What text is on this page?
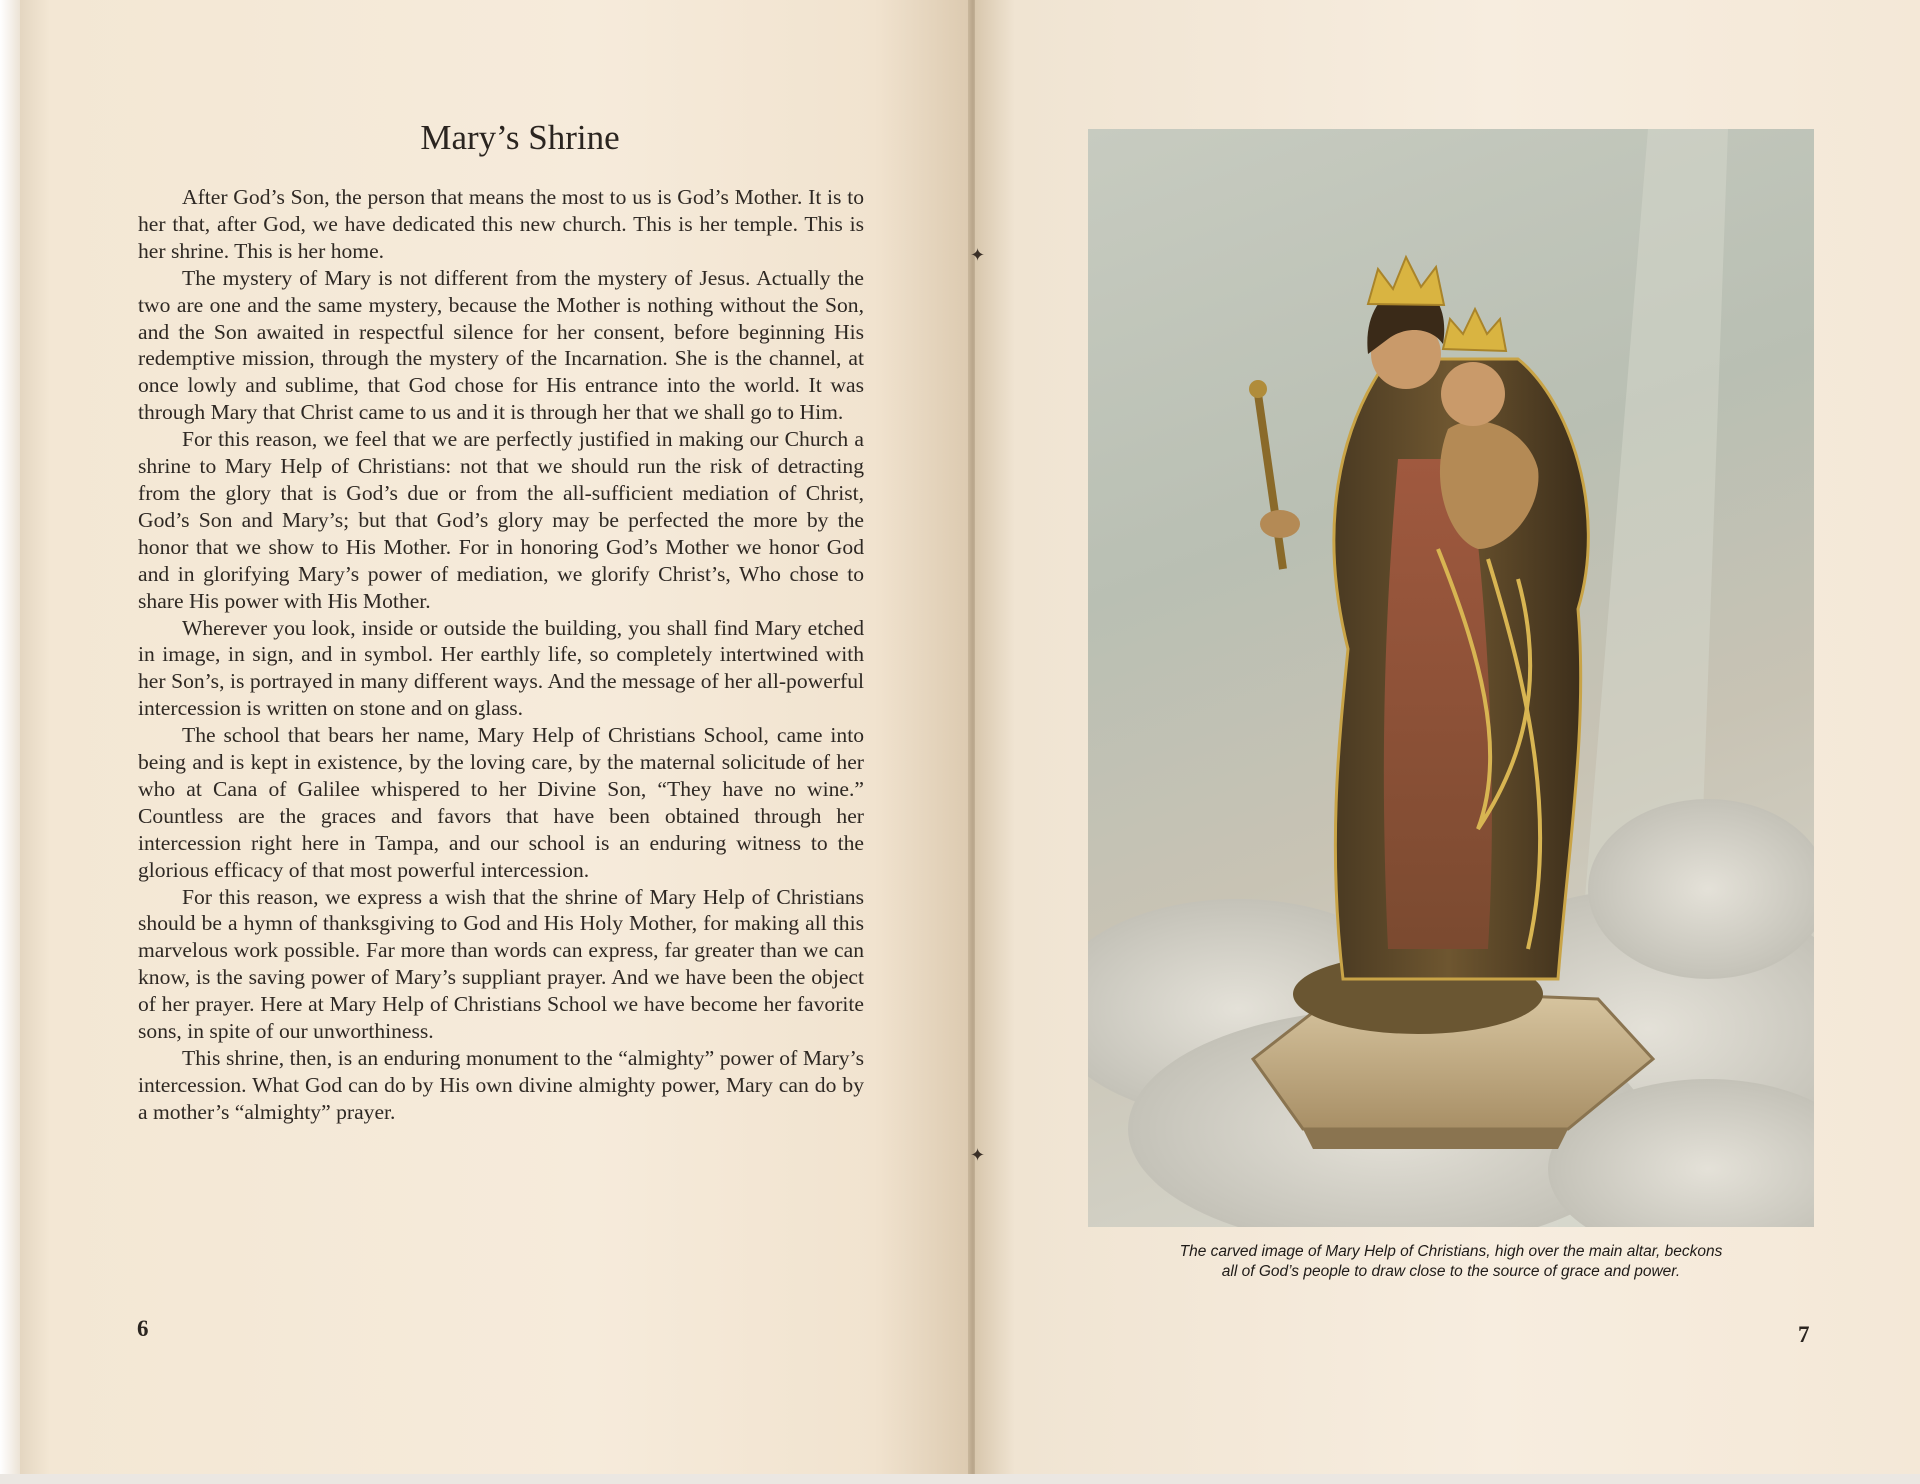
Mary’s Shrine

After God’s Son, the person that means the most to us is God’s Mother. It is to her that, after God, we have dedicated this new church. This is her temple. This is her shrine. This is her home.

The mystery of Mary is not different from the mystery of Jesus. Actually the two are one and the same mystery, because the Mother is nothing without the Son, and the Son awaited in respectful silence for her consent, before beginning His redemptive mission, through the mystery of the Incarnation. She is the channel, at once lowly and sublime, that God chose for His entrance into the world. It was through Mary that Christ came to us and it is through her that we shall go to Him.

For this reason, we feel that we are perfectly justified in making our Church a shrine to Mary Help of Christians: not that we should run the risk of detracting from the glory that is God’s due or from the all-sufficient mediation of Christ, God’s Son and Mary’s; but that God’s glory may be perfected the more by the honor that we show to His Mother. For in honoring God’s Mother we honor God and in glorifying Mary’s power of mediation, we glorify Christ’s, Who chose to share His power with His Mother.

Wherever you look, inside or outside the building, you shall find Mary etched in image, in sign, and in symbol. Her earthly life, so completely intertwined with her Son’s, is portrayed in many different ways. And the message of her all-powerful intercession is written on stone and on glass.

The school that bears her name, Mary Help of Christians School, came into being and is kept in existence, by the loving care, by the maternal solicitude of her who at Cana of Galilee whispered to her Divine Son, “They have no wine.” Countless are the graces and favors that have been obtained through her intercession right here in Tampa, and our school is an enduring witness to the glorious efficacy of that most powerful intercession.

For this reason, we express a wish that the shrine of Mary Help of Christians should be a hymn of thanksgiving to God and His Holy Mother, for making all this marvelous work possible. Far more than words can express, far greater than we can know, is the saving power of Mary’s suppliant prayer. And we have been the object of her prayer. Here at Mary Help of Christians School we have become her favorite sons, in spite of our unworthiness.

This shrine, then, is an enduring monument to the “almighty” power of Mary’s intercession. What God can do by His own divine almighty power, Mary can do by a mother’s “almighty” prayer.

6	7
✦
✦
The carved image of Mary Help of Christians, high over the main altar, beckons
all of God’s people to draw close to the source of grace and power.
